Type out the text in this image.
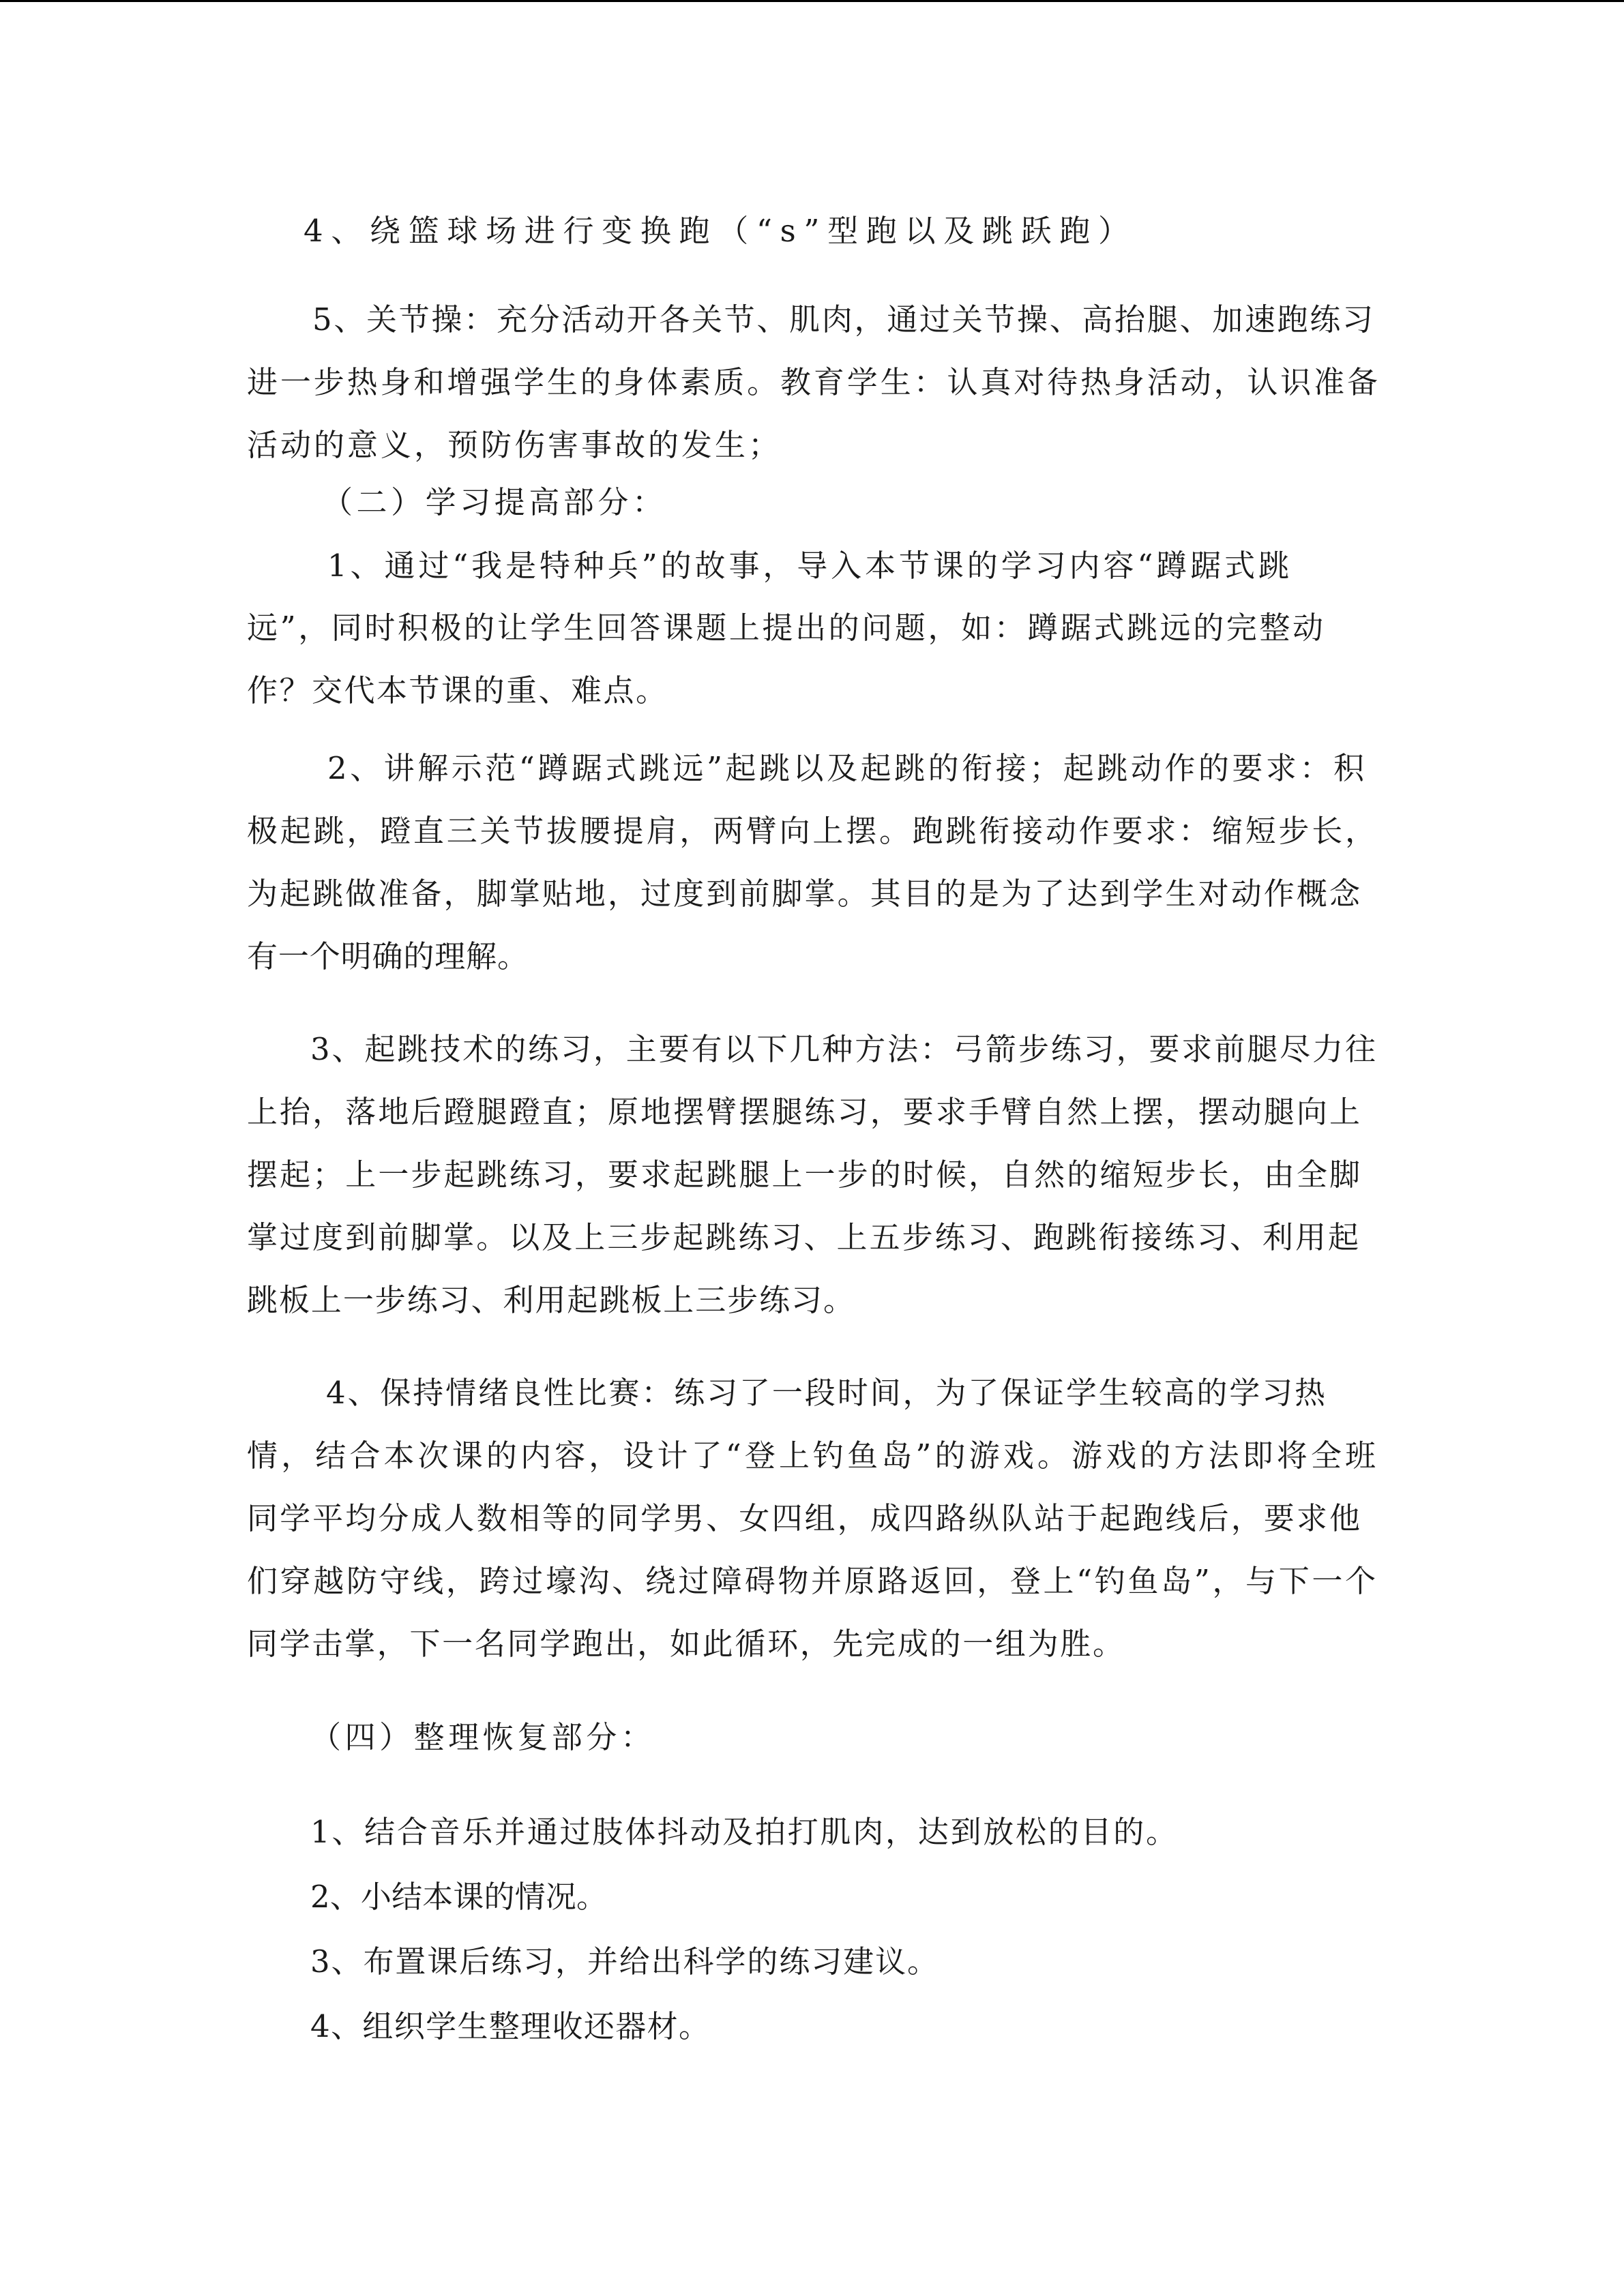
4、绕篮球场进行变换跑（“s”型跑以及跳跃跑）
5、关节操：充分活动开各关节、肌肉，通过关节操、高抬腿、加速跑练习
进一步热身和增强学生的身体素质。教育学生：认真对待热身活动，认识准备
活动的意义，预防伤害事故的发生；
（二）学习提高部分：
1、通过“我是特种兵”的故事，导入本节课的学习内容“蹲踞式跳
远”，同时积极的让学生回答课题上提出的问题，如：蹲踞式跳远的完整动
作？交代本节课的重、难点。
2、讲解示范“蹲踞式跳远”起跳以及起跳的衔接；起跳动作的要求：积
极起跳，蹬直三关节拔腰提肩，两臂向上摆。跑跳衔接动作要求：缩短步长，
为起跳做准备，脚掌贴地，过度到前脚掌。其目的是为了达到学生对动作概念
有一个明确的理解。
3、起跳技术的练习，主要有以下几种方法：弓箭步练习，要求前腿尽力往
上抬，落地后蹬腿蹬直；原地摆臂摆腿练习，要求手臂自然上摆，摆动腿向上
摆起；上一步起跳练习，要求起跳腿上一步的时候，自然的缩短步长，由全脚
掌过度到前脚掌。以及上三步起跳练习、上五步练习、跑跳衔接练习、利用起
跳板上一步练习、利用起跳板上三步练习。
4、保持情绪良性比赛：练习了一段时间，为了保证学生较高的学习热
情，结合本次课的内容，设计了“登上钓鱼岛”的游戏。游戏的方法即将全班
同学平均分成人数相等的同学男、女四组，成四路纵队站于起跑线后，要求他
们穿越防守线，跨过壕沟、绕过障碍物并原路返回，登上“钓鱼岛”，与下一个
同学击掌，下一名同学跑出，如此循环，先完成的一组为胜。
（四）整理恢复部分：
1、结合音乐并通过肢体抖动及拍打肌肉，达到放松的目的。
2、小结本课的情况。
3、布置课后练习，并给出科学的练习建议。
4、组织学生整理收还器材。
